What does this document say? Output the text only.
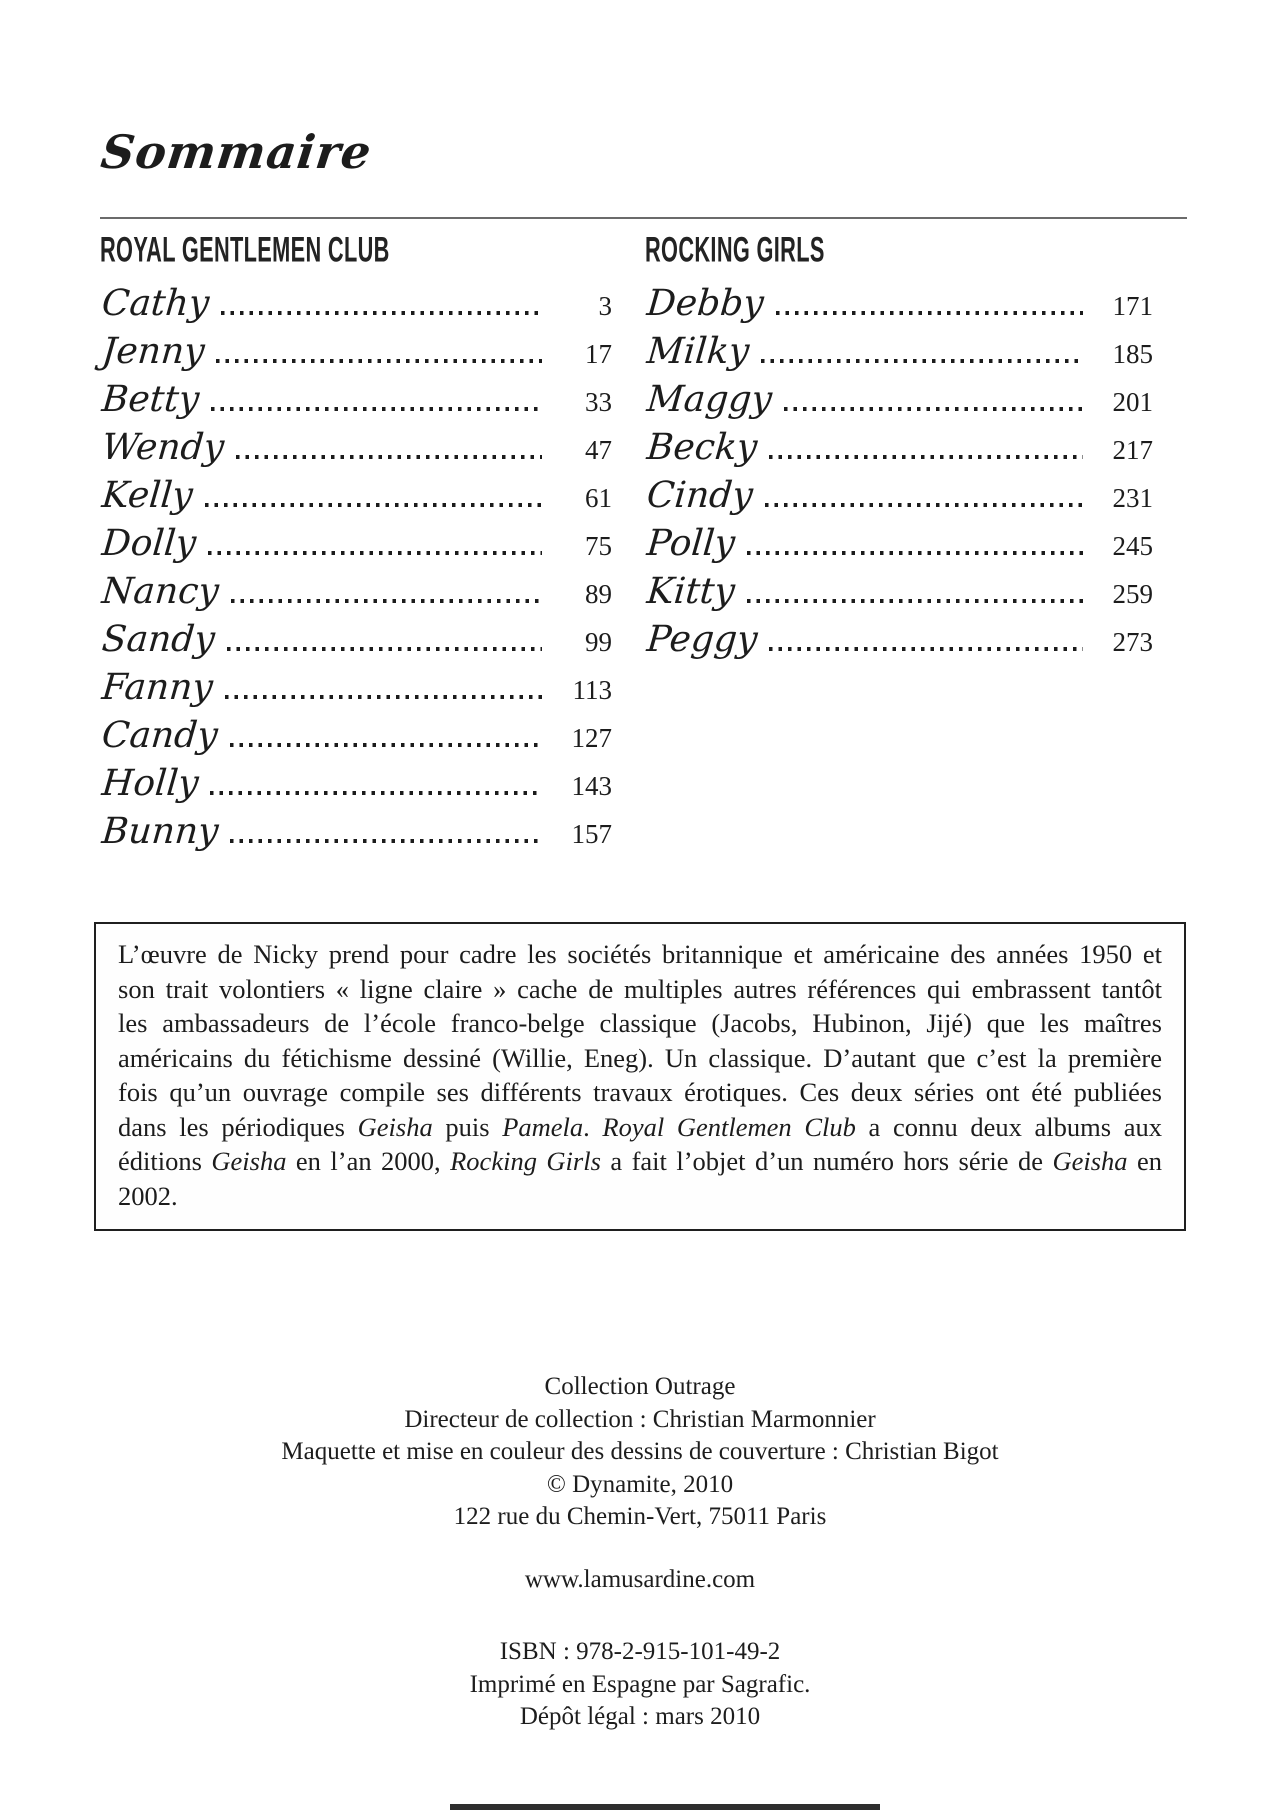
Sommaire
ROYAL GENTLEMEN CLUB
Cathy	3
Jenny	17
Betty	33
Wendy	47
Kelly	61
Dolly	75
Nancy	89
Sandy	99
Fanny	113
Candy	127
Holly	143
Bunny	157
ROCKING GIRLS
Debby	171
Milky	185
Maggy	201
Becky	217
Cindy	231
Polly	245
Kitty	259
Peggy	273

L’œuvre de Nicky prend pour cadre les sociétés britannique et américaine des années 1950 et son trait volontiers « ligne claire » cache de multiples autres références qui embrassent tantôt les ambassadeurs de l’école franco-belge classique (Jacobs, Hubinon, Jijé) que les maîtres américains du fétichisme dessiné (Willie, Eneg). Un classique. D’autant que c’est la première fois qu’un ouvrage compile ses différents travaux érotiques. Ces deux séries ont été publiées dans les périodiques Geisha puis Pamela. Royal Gentlemen Club a connu deux albums aux éditions Geisha en l’an 2000, Rocking Girls a fait l’objet d’un numéro hors série de Geisha en 2002.

Collection Outrage
Directeur de collection : Christian Marmonnier
Maquette et mise en couleur des dessins de couverture : Christian Bigot
© Dynamite, 2010
122 rue du Chemin-Vert, 75011 Paris
www.lamusardine.com
ISBN : 978-2-915-101-49-2
Imprimé en Espagne par Sagrafic.
Dépôt légal : mars 2010
